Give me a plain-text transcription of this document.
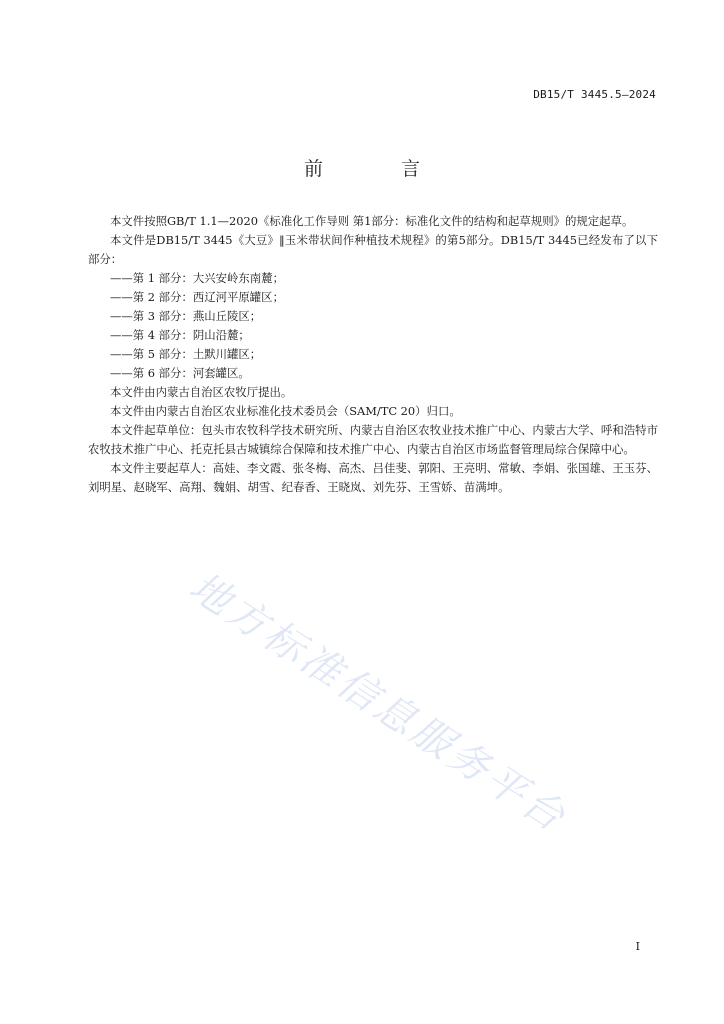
DB15/T 3445.5—2024
前 言

本文件按照GB/T 1.1—2020《标准化工作导则 第1部分：标准化文件的结构和起草规则》的规定起草。

本文件是DB15/T 3445《大豆》‖玉米带状间作种植技术规程》的第5部分。DB15/T 3445已经发布了以下部分：

——第 1 部分：大兴安岭东南麓；

——第 2 部分：西辽河平原罐区；

——第 3 部分：燕山丘陵区；

——第 4 部分：阴山沿麓；

——第 5 部分：土默川罐区；

——第 6 部分：河套罐区。

本文件由内蒙古自治区农牧厅提出。

本文件由内蒙古自治区农业标准化技术委员会（SAM/TC 20）归口。

本文件起草单位：包头市农牧科学技术研究所、内蒙古自治区农牧业技术推广中心、内蒙古大学、呼和浩特市农牧技术推广中心、托克托县古城镇综合保障和技术推广中心、内蒙古自治区市场监督管理局综合保障中心。

本文件主要起草人：高娃、李文霞、张冬梅、高杰、吕佳斐、郭阳、王亮明、常敏、李娟、张国雄、王玉芬、刘明星、赵晓军、高翔、魏娟、胡雪、纪春香、王晓岚、刘先芬、王雪娇、苗满坤。

地方标准信息服务平台
I
